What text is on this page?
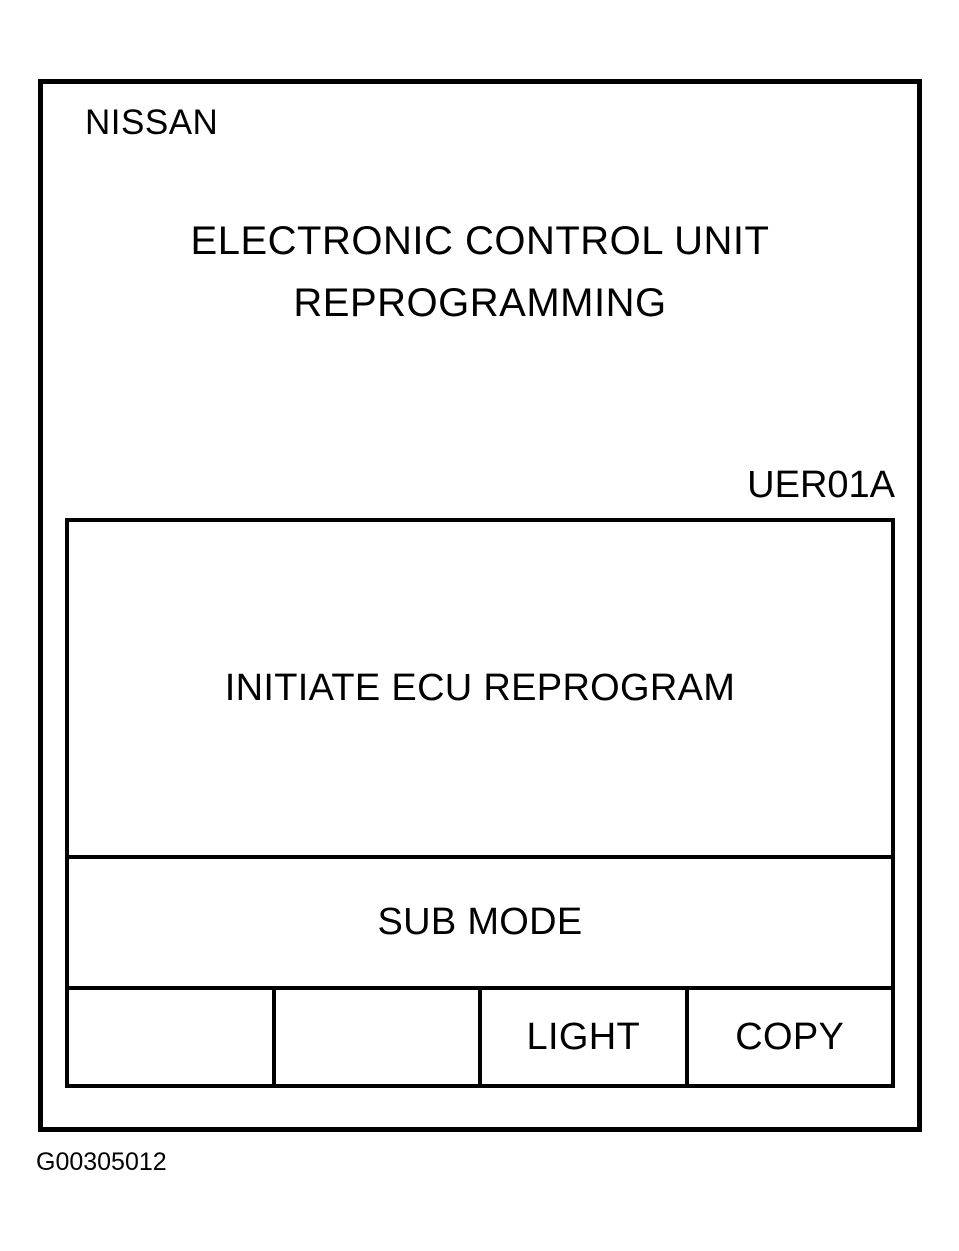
NISSAN
ELECTRONIC CONTROL UNIT
REPROGRAMMING
UER01A
INITIATE ECU REPROGRAM
SUB MODE
LIGHT	COPY
G00305012
